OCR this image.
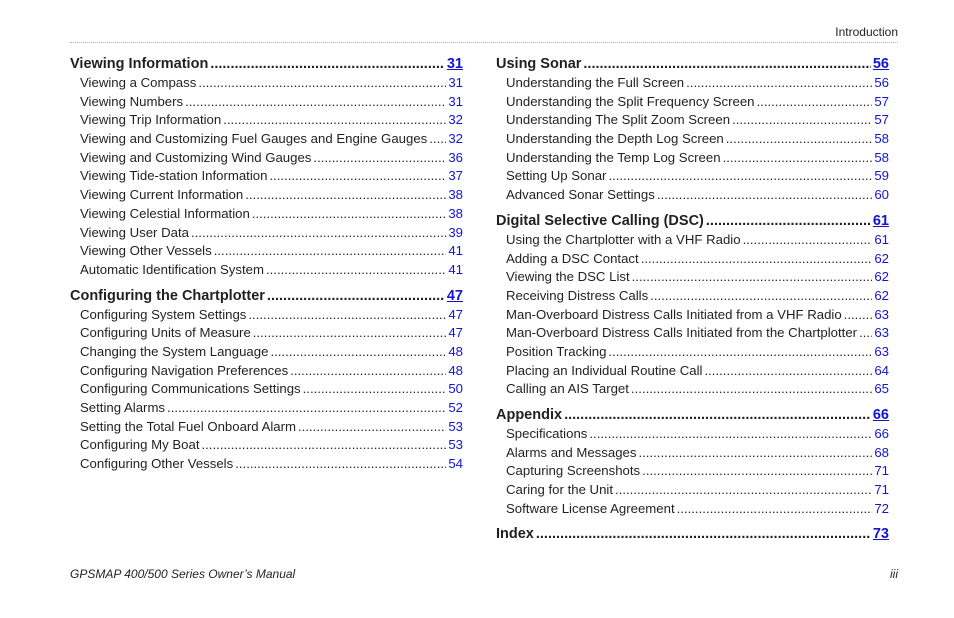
Introduction
Viewing Information .....	31
Viewing a Compass .....	31
Viewing Numbers .....	31
Viewing Trip Information .....	32
Viewing and Customizing Fuel Gauges and Engine Gauges ..... 32
Viewing and Customizing Wind Gauges .....	36
Viewing Tide-station Information .....	37
Viewing Current Information .....	38
Viewing Celestial Information .....	38
Viewing User Data .....	39
Viewing Other Vessels .....	41
Automatic Identification System .....	41
Configuring the Chartplotter .....	47
Configuring System Settings .....	47
Configuring Units of Measure .....	47
Changing the System Language .....	48
Configuring Navigation Preferences .....	48
Configuring Communications Settings .....	50
Setting Alarms .....	52
Setting the Total Fuel Onboard Alarm .....	53
Configuring My Boat .....	53
Configuring Other Vessels .....	54
Using Sonar .....	56
Understanding the Full Screen .....	56
Understanding the Split Frequency Screen .....	57
Understanding The Split Zoom Screen .....	57
Understanding the Depth Log Screen .....	58
Understanding the Temp Log Screen .....	58
Setting Up Sonar .....	59
Advanced Sonar Settings .....	60
Digital Selective Calling (DSC) .....	61
Using the Chartplotter with a VHF Radio .....	61
Adding a DSC Contact .....	62
Viewing the DSC List .....	62
Receiving Distress Calls .....	62
Man-Overboard Distress Calls Initiated from a VHF Radio ..... 63
Man-Overboard Distress Calls Initiated from the Chartplotter ..... 63
Position Tracking .....	63
Placing an Individual Routine Call .....	64
Calling an AIS Target .....	65
Appendix .....	66
Specifications .....	66
Alarms and Messages .....	68
Capturing Screenshots .....	71
Caring for the Unit .....	71
Software License Agreement .....	72
Index .....	73
GPSMAP 400/500 Series Owner’s Manual	iii
